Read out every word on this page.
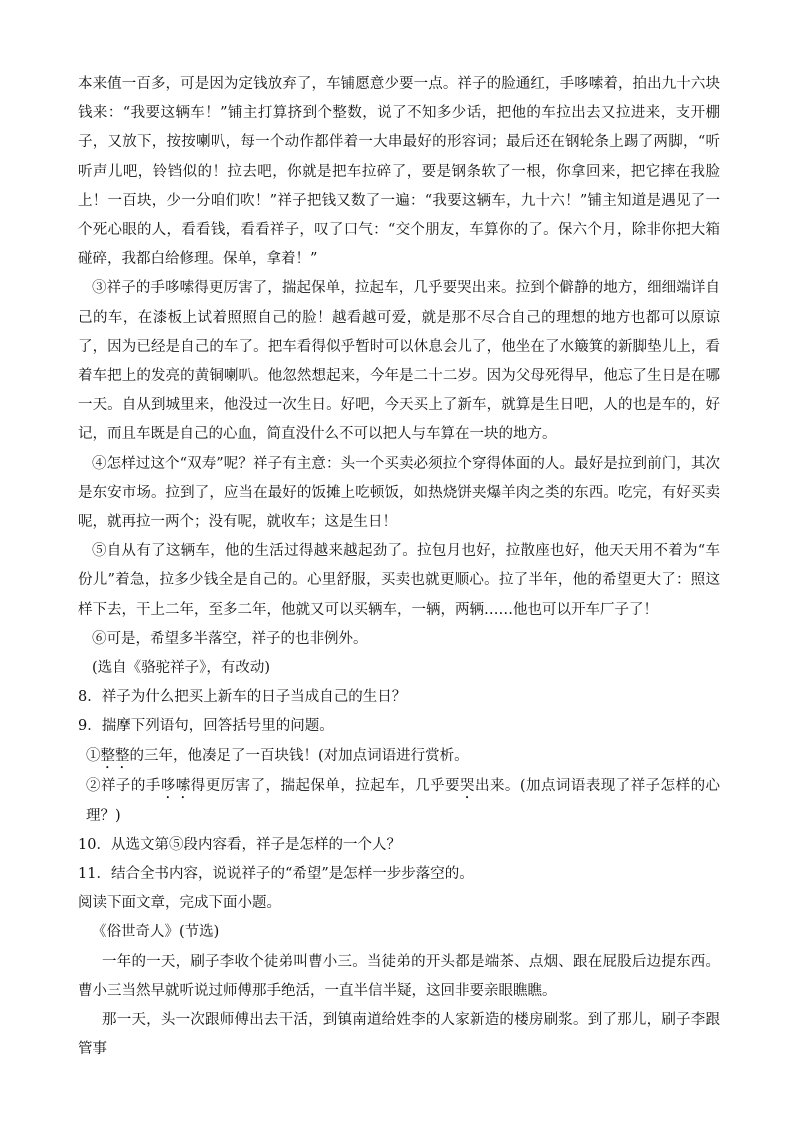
本来值一百多，可是因为定钱放弃了，车铺愿意少要一点。祥子的脸通红，手哆嗦着，拍出九十六块钱来：“我要这辆车！”铺主打算挤到个整数，说了不知多少话，把他的车拉出去又拉进来，支开棚子，又放下，按按喇叭，每一个动作都伴着一大串最好的形容词；最后还在钢轮条上踢了两脚，“听听声儿吧，铃铛似的！拉去吧，你就是把车拉碎了，要是钢条软了一根，你拿回来，把它摔在我脸上！一百块，少一分咱们吹！”祥子把钱又数了一遍：“我要这辆车，九十六！”铺主知道是遇见了一个死心眼的人，看看钱，看看祥子，叹了口气：“交个朋友，车算你的了。保六个月，除非你把大箱碰碎，我都白给修理。保单，拿着！”

③祥子的手哆嗦得更厉害了，揣起保单，拉起车，几乎要哭出来。拉到个僻静的地方，细细端详自己的车，在漆板上试着照照自己的脸！越看越可爱，就是那不尽合自己的理想的地方也都可以原谅了，因为已经是自己的车了。把车看得似乎暂时可以休息会儿了，他坐在了水簸箕的新脚垫儿上，看着车把上的发亮的黄铜喇叭。他忽然想起来，今年是二十二岁。因为父母死得早，他忘了生日是在哪一天。自从到城里来，他没过一次生日。好吧，今天买上了新车，就算是生日吧，人的也是车的，好记，而且车既是自己的心血，简直没什么不可以把人与车算在一块的地方。

④怎样过这个“双寿”呢？祥子有主意：头一个买卖必须拉个穿得体面的人。最好是拉到前门，其次是东安市场。拉到了，应当在最好的饭摊上吃顿饭，如热烧饼夹爆羊肉之类的东西。吃完，有好买卖呢，就再拉一两个；没有呢，就收车；这是生日！

⑤自从有了这辆车，他的生活过得越来越起劲了。拉包月也好，拉散座也好，他天天用不着为“车份儿”着急，拉多少钱全是自己的。心里舒服，买卖也就更顺心。拉了半年，他的希望更大了：照这样下去，干上二年，至多二年，他就又可以买辆车，一辆，两辆……他也可以开车厂子了！

⑥可是，希望多半落空，祥子的也非例外。

(选自《骆驼祥子》，有改动)

8．祥子为什么把买上新车的日子当成自己的生日？

9．揣摩下列语句，回答括号里的问题。

①整整的三年，他凑足了一百块钱！(对加点词语进行赏析。

②祥子的手哆嗦得更厉害了，揣起保单，拉起车，几乎要哭出来。(加点词语表现了祥子怎样的心理？)

10．从选文第⑤段内容看，祥子是怎样的一个人？

11．结合全书内容，说说祥子的“希望”是怎样一步步落空的。

阅读下面文章，完成下面小题。

《俗世奇人》(节选)

一年的一天，刷子李收个徒弟叫曹小三。当徒弟的开头都是端茶、点烟、跟在屁股后边提东西。曹小三当然早就听说过师傅那手绝活，一直半信半疑，这回非要亲眼瞧瞧。

那一天，头一次跟师傅出去干活，到镇南道给姓李的人家新造的楼房刷浆。到了那儿，刷子李跟管事
